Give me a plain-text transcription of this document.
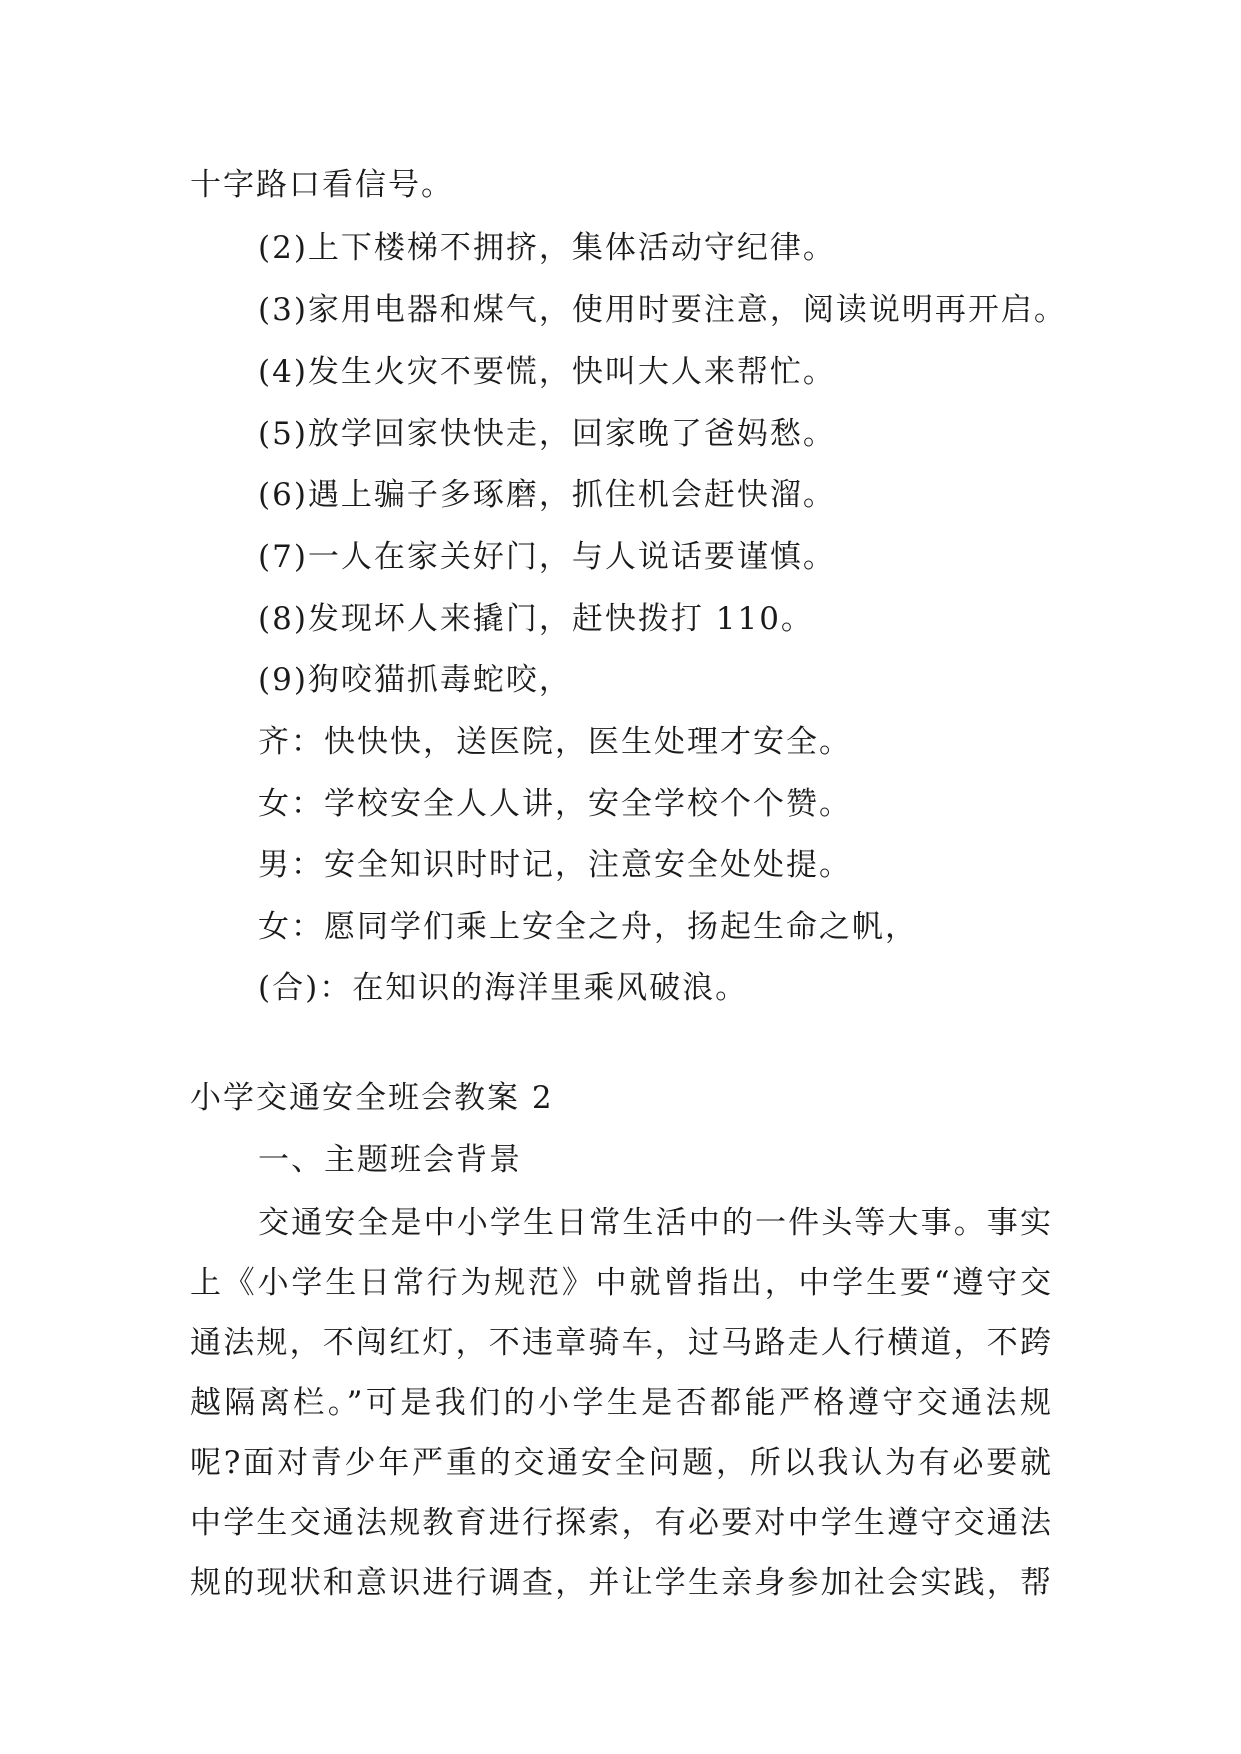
十字路口看信号。
(2)上下楼梯不拥挤，集体活动守纪律。
(3)家用电器和煤气，使用时要注意，阅读说明再开启。
(4)发生火灾不要慌，快叫大人来帮忙。
(5)放学回家快快走，回家晚了爸妈愁。
(6)遇上骗子多琢磨，抓住机会赶快溜。
(7)一人在家关好门，与人说话要谨慎。
(8)发现坏人来撬门，赶快拨打 110。
(9)狗咬猫抓毒蛇咬，
齐：快快快，送医院，医生处理才安全。
女：学校安全人人讲，安全学校个个赞。
男：安全知识时时记，注意安全处处提。
女：愿同学们乘上安全之舟，扬起生命之帆，
(合)：在知识的海洋里乘风破浪。
小学交通安全班会教案 2
一、主题班会背景
交通安全是中小学生日常生活中的一件头等大事。事实
上《小学生日常行为规范》中就曾指出，中学生要“遵守交
通法规，不闯红灯，不违章骑车，过马路走人行横道，不跨
越隔离栏。”可是我们的小学生是否都能严格遵守交通法规
呢?面对青少年严重的交通安全问题，所以我认为有必要就
中学生交通法规教育进行探索，有必要对中学生遵守交通法
规的现状和意识进行调查，并让学生亲身参加社会实践，帮
